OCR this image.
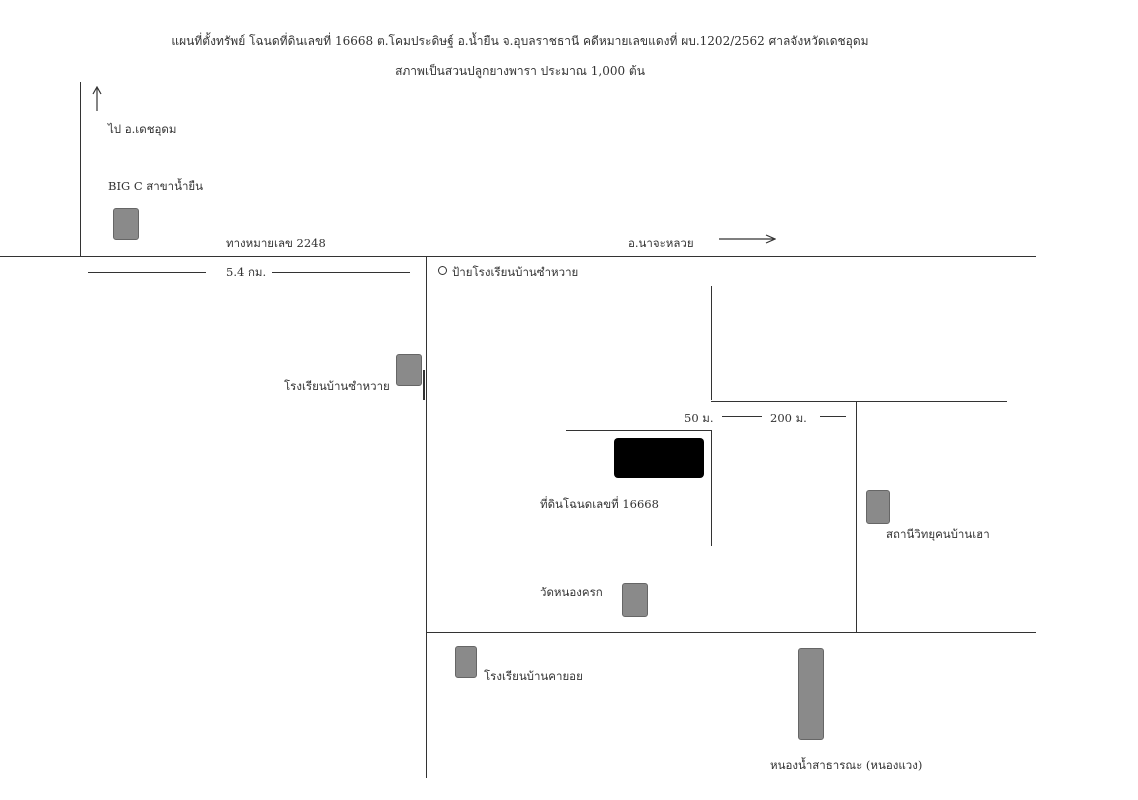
แผนที่ตั้งทรัพย์ โฉนดที่ดินเลขที่ 16668 ต.โคมประดิษฐ์ อ.น้ำยืน จ.อุบลราชธานี คดีหมายเลขแดงที่ ผบ.1202/2562 ศาลจังหวัดเดชอุดม
สภาพเป็นสวนปลูกยางพารา ประมาณ 1,000 ต้น
ไป อ.เดชอุดม
BIG C สาขาน้ำยืน
ทางหมายเลข 2248	อ.นาจะหลวย
5.4 กม.	ป้ายโรงเรียนบ้านซำหวาย
โรงเรียนบ้านซำหวาย
50 ม.	200 ม.
ที่ดินโฉนดเลขที่ 16668
สถานีวิทยุคนบ้านเฮา
วัดหนองครก
โรงเรียนบ้านคายอย
หนองน้ำสาธารณะ (หนองแวง)
